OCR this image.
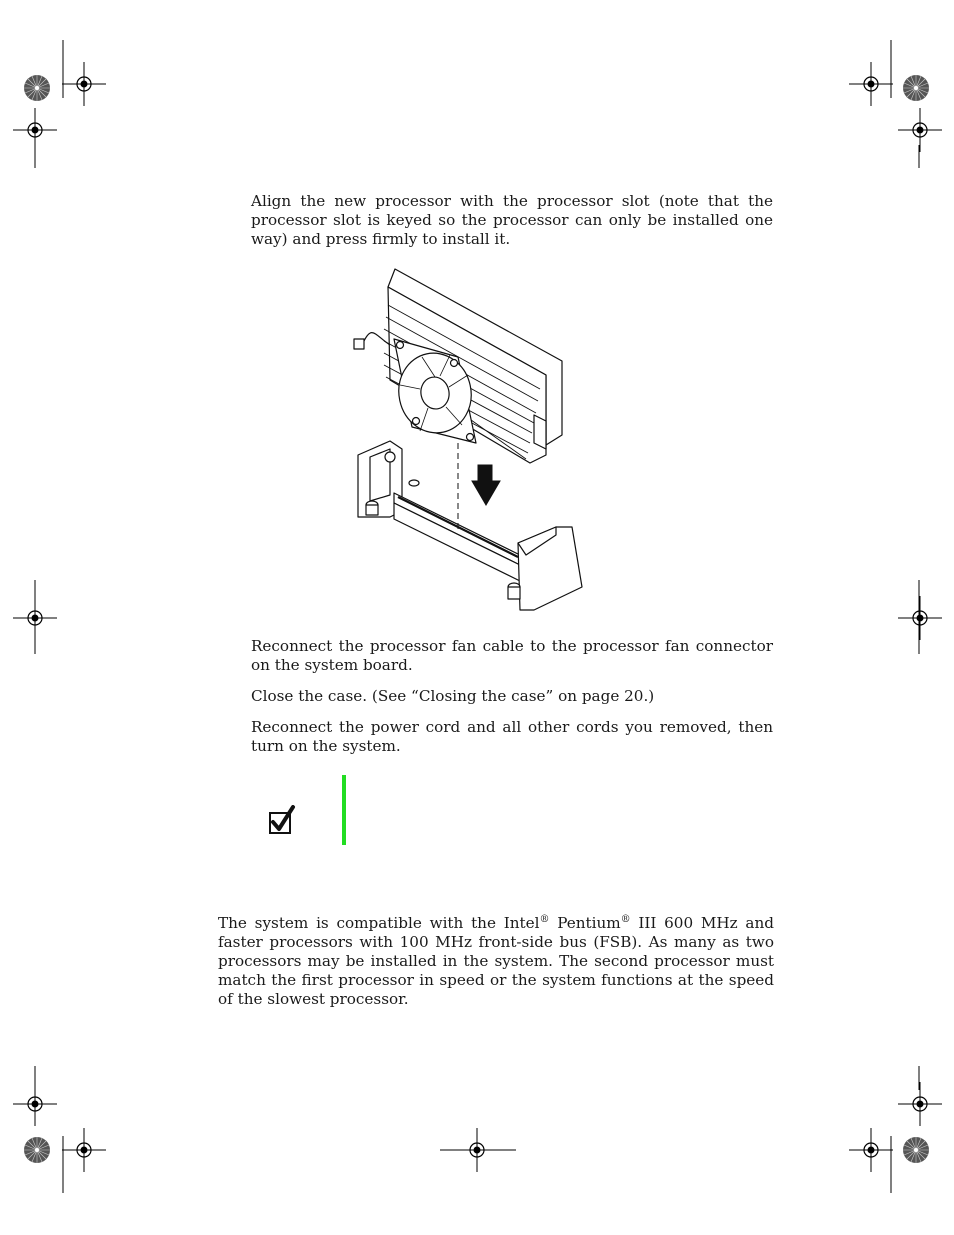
Align the new processor with the processor slot (note that the processor slot is keyed so the processor can only be installed one way) and press firmly to install it.

Reconnect the processor fan cable to the processor fan connector on the system board.

Close the case. (See “Closing the case” on page 20.)

Reconnect the power cord and all other cords you removed, then turn on the system.

The system is compatible with the Intel® Pentium® III 600 MHz and faster processors with 100 MHz front-side bus (FSB). As many as two processors may be installed in the system. The second processor must match the first processor in speed or the system functions at the speed of the slowest processor.
